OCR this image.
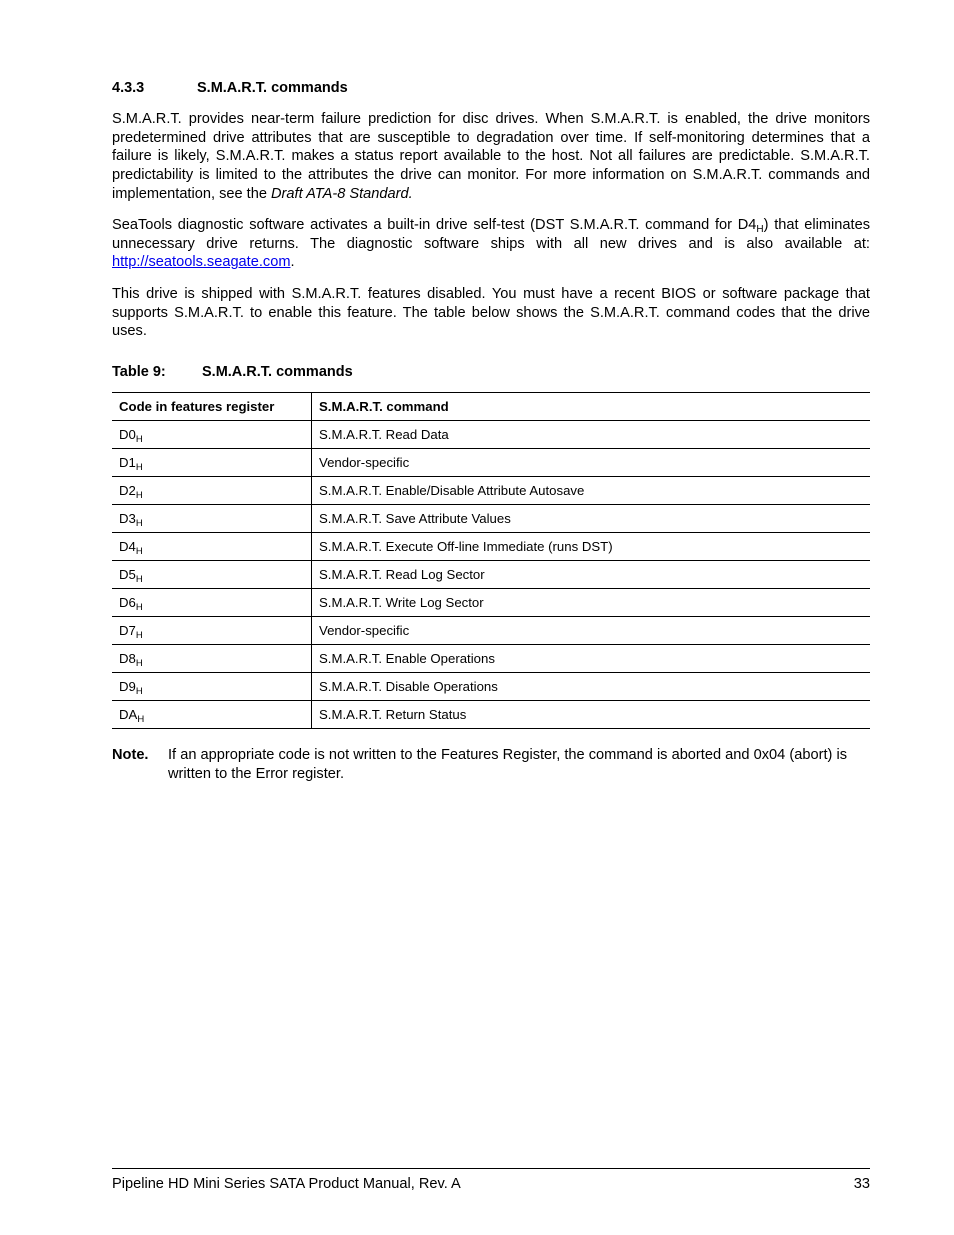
4.3.3	S.M.A.R.T. commands

S.M.A.R.T. provides near-term failure prediction for disc drives. When S.M.A.R.T. is enabled, the drive monitors predetermined drive attributes that are susceptible to degradation over time. If self-monitoring determines that a failure is likely, S.M.A.R.T. makes a status report available to the host. Not all failures are predictable. S.M.A.R.T. predictability is limited to the attributes the drive can monitor. For more information on S.M.A.R.T. commands and implementation, see the Draft ATA-8 Standard.

SeaTools diagnostic software activates a built-in drive self-test (DST S.M.A.R.T. command for $D4_H$) that eliminates unnecessary drive returns. The diagnostic software ships with all new drives and is also available at: http://seatools.seagate.com.

This drive is shipped with S.M.A.R.T. features disabled. You must have a recent BIOS or software package that supports S.M.A.R.T. to enable this feature. The table below shows the S.M.A.R.T. command codes that the drive uses.

Table 9:	S.M.A.R.T. commands
Code in features register	S.M.A.R.T. command
$D0_H$	S.M.A.R.T. Read Data
$D1_H$	Vendor-specific
$D2_H$	S.M.A.R.T. Enable/Disable Attribute Autosave
$D3_H$	S.M.A.R.T. Save Attribute Values
$D4_H$	S.M.A.R.T. Execute Off-line Immediate (runs DST)
$D5_H$	S.M.A.R.T. Read Log Sector
$D6_H$	S.M.A.R.T. Write Log Sector
$D7_H$	Vendor-specific
$D8_H$	S.M.A.R.T. Enable Operations
$D9_H$	S.M.A.R.T. Disable Operations
$DA_H$	S.M.A.R.T. Return Status
Note. If an appropriate code is not written to the Features Register, the command is aborted and 0x04 (abort) is written to the Error register.
Pipeline HD Mini Series SATA Product Manual, Rev. A	33
